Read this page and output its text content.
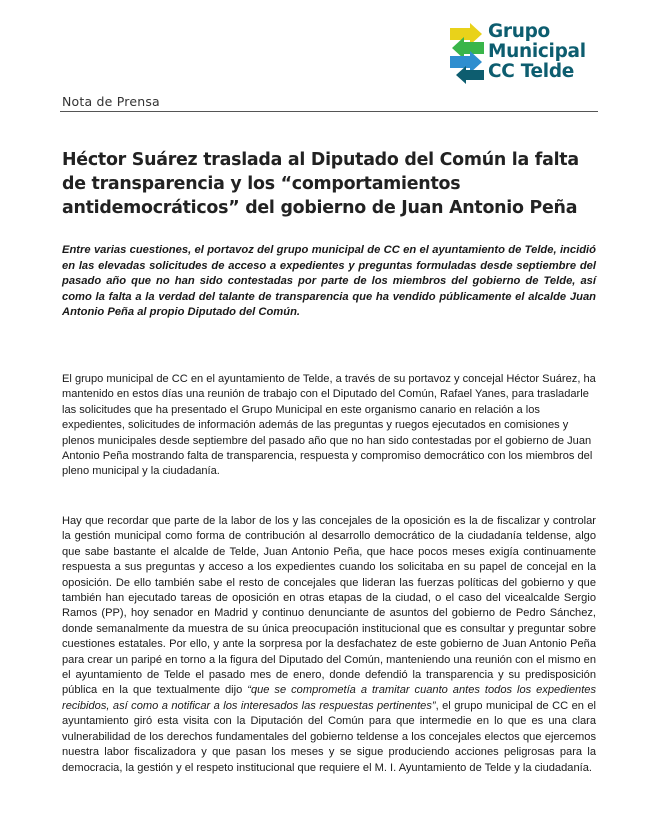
Grupo
Municipal
CC Telde
Nota de Prensa
Héctor Suárez traslada al Diputado del Común la falta de transparencia y los “comportamientos antidemocráticos” del gobierno de Juan Antonio Peña
Entre varias cuestiones, el portavoz del grupo municipal de CC en el ayuntamiento de Telde, incidió en las elevadas solicitudes de acceso a expedientes y preguntas formuladas desde septiembre del pasado año que no han sido contestadas por parte de los miembros del gobierno de Telde, así como la falta a la verdad del talante de transparencia que ha vendido públicamente el alcalde Juan Antonio Peña al propio Diputado del Común.
El grupo municipal de CC en el ayuntamiento de Telde, a través de su portavoz y concejal Héctor Suárez, ha mantenido en estos días una reunión de trabajo con el Diputado del Común, Rafael Yanes, para trasladarle las solicitudes que ha presentado el Grupo Municipal en este organismo canario en relación a los expedientes, solicitudes de información además de las preguntas y ruegos ejecutados en comisiones y plenos municipales desde septiembre del pasado año que no han sido contestadas por el gobierno de Juan Antonio Peña mostrando falta de transparencia, respuesta y compromiso democrático con los miembros del pleno municipal y la ciudadanía.
Hay que recordar que parte de la labor de los y las concejales de la oposición es la de fiscalizar y controlar la gestión municipal como forma de contribución al desarrollo democrático de la ciudadanía teldense, algo que sabe bastante el alcalde de Telde, Juan Antonio Peña, que hace pocos meses exigía continuamente respuesta a sus preguntas y acceso a los expedientes cuando los solicitaba en su papel de concejal en la oposición. De ello también sabe el resto de concejales que lideran las fuerzas políticas del gobierno y que también han ejecutado tareas de oposición en otras etapas de la ciudad, o el caso del vicealcalde Sergio Ramos (PP), hoy senador en Madrid y continuo denunciante de asuntos del gobierno de Pedro Sánchez, donde semanalmente da muestra de su única preocupación institucional que es consultar y preguntar sobre cuestiones estatales. Por ello, y ante la sorpresa por la desfachatez de este gobierno de Juan Antonio Peña para crear un paripé en torno a la figura del Diputado del Común, manteniendo una reunión con el mismo en el ayuntamiento de Telde el pasado mes de enero, donde defendió la transparencia y su predisposición pública en la que textualmente dijo “que se comprometía a tramitar cuanto antes todos los expedientes recibidos, así como a notificar a los interesados las respuestas pertinentes”, el grupo municipal de CC en el ayuntamiento giró esta visita con la Diputación del Común para que intermedie en lo que es una clara vulnerabilidad de los derechos fundamentales del gobierno teldense a los concejales electos que ejercemos nuestra labor fiscalizadora y que pasan los meses y se sigue produciendo acciones peligrosas para la democracia, la gestión y el respeto institucional que requiere el M. I. Ayuntamiento de Telde y la ciudadanía.
